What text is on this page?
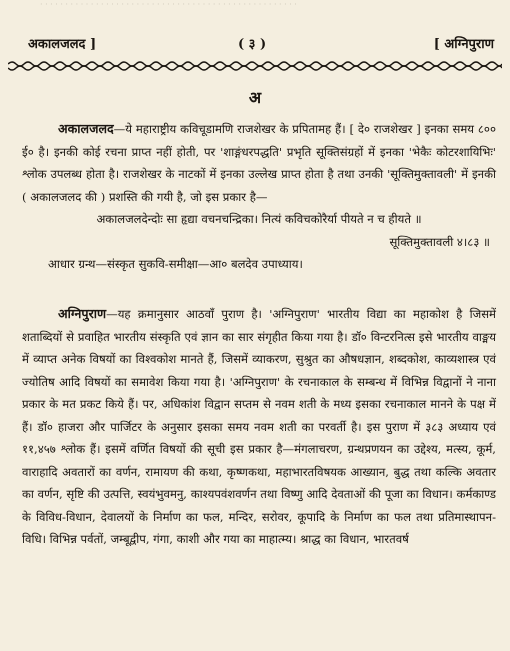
· · · · · · · · · · · · · · · · · · · · · · · · · · · · · · · · · · · · · · · · · · · · · · · · · · ·
अकालजलद ]	( ३ )	[ अग्निपुराण
अ

अकालजलद—ये महाराष्ट्रीय कविचूडामणि राजशेखर के प्रपितामह हैं। [ दे० राजशेखर ] इनका समय ८०० ई० है। इनकी कोई रचना प्राप्त नहीं होती, पर 'शाङ्गंधरपद्धति' प्रभृति सूक्तिसंग्रहों में इनका 'भेकैः कोटरशायिभिः' श्लोक उपलब्ध होता है। राजशेखर के नाटकों में इनका उल्लेख प्राप्त होता है तथा उनकी 'सूक्तिमुक्तावली' में इनकी ( अकालजलद की ) प्रशस्ति की गयी है, जो इस प्रकार है—

अकालजलदेन्दोः सा हृद्या वचनचन्द्रिका। नित्यं कविचकोरैर्या पीयते न च हीयते ॥

सूक्तिमुक्तावली ४।८३ ॥

आधार ग्रन्थ—संस्कृत सुकवि-समीक्षा—आ० बलदेव उपाध्याय।

अग्निपुराण—यह क्रमानुसार आठवाँ पुराण है। 'अग्निपुराण' भारतीय विद्या का महाकोश है जिसमें शताब्दियों से प्रवाहित भारतीय संस्कृति एवं ज्ञान का सार संगृहीत किया गया है। डॉ० विन्टरनित्स इसे भारतीय वाङ्मय में व्याप्त अनेक विषयों का विश्वकोश मानते हैं, जिसमें व्याकरण, सुश्रुत का औषधज्ञान, शब्दकोश, काव्यशास्त्र एवं ज्योतिष आदि विषयों का समावेश किया गया है। 'अग्निपुराण' के रचनाकाल के सम्बन्ध में विभिन्न विद्वानों ने नाना प्रकार के मत प्रकट किये हैं। पर, अधिकांश विद्वान सप्तम से नवम शती के मध्य इसका रचनाकाल मानने के पक्ष में हैं। डॉ० हाजरा और पार्जिटर के अनुसार इसका समय नवम शती का परवर्ती है। इस पुराण में ३८३ अध्याय एवं ११,४५७ श्लोक हैं। इसमें वर्णित विषयों की सूची इस प्रकार है—मंगलाचरण, ग्रन्थप्रणयन का उद्देश्य, मत्स्य, कूर्म, वाराहादि अवतारों का वर्णन, रामायण की कथा, कृष्णकथा, महाभारतविषयक आख्यान, बुद्ध तथा कल्कि अवतार का वर्णन, सृष्टि की उत्पत्ति, स्वयंभुवमनु, काश्यपवंशवर्णन तथा विष्णु आदि देवताओं की पूजा का विधान। कर्मकाण्ड के विविध-विधान, देवालयों के निर्माण का फल, मन्दिर, सरोवर, कूपादि के निर्माण का फल तथा प्रतिमास्थापन-विधि। विभिन्न पर्वतों, जम्बूद्वीप, गंगा, काशी और गया का माहात्म्य। श्राद्ध का विधान, भारतवर्ष
